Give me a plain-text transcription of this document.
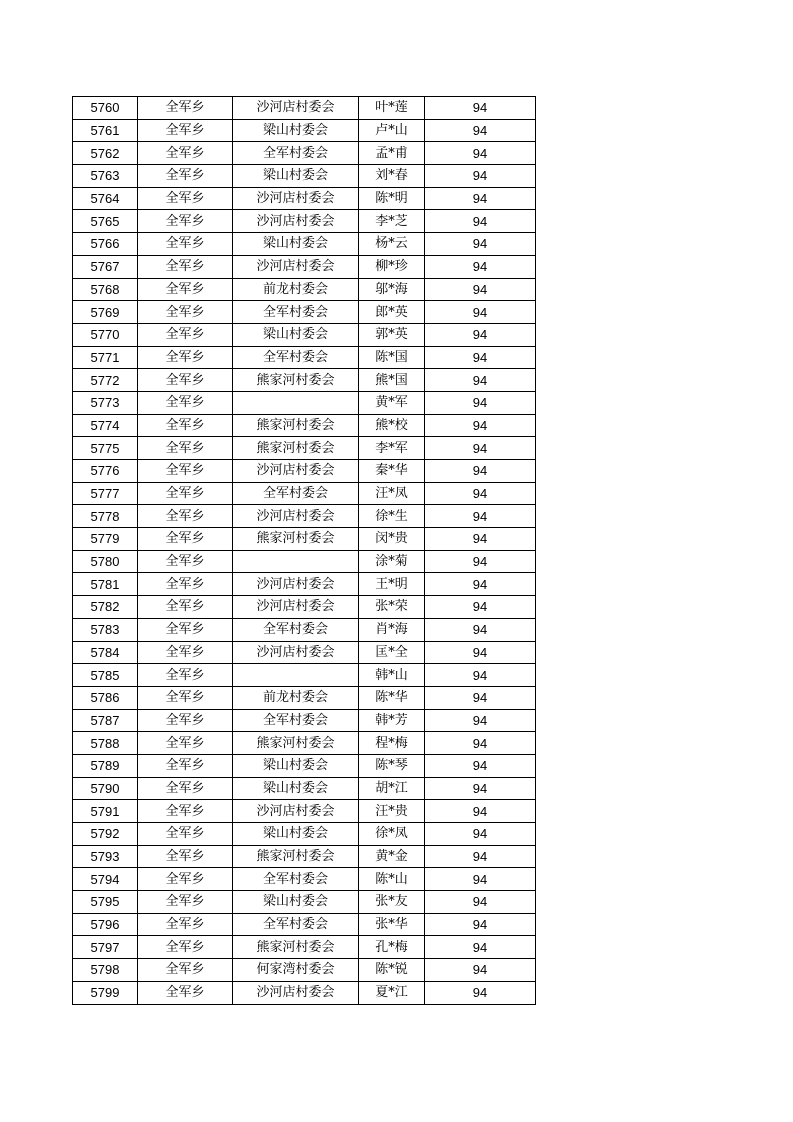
5760	全军乡	沙河店村委会	叶*莲	94
5761	全军乡	梁山村委会	卢*山	94
5762	全军乡	全军村委会	孟*甫	94
5763	全军乡	梁山村委会	刘*春	94
5764	全军乡	沙河店村委会	陈*明	94
5765	全军乡	沙河店村委会	李*芝	94
5766	全军乡	梁山村委会	杨*云	94
5767	全军乡	沙河店村委会	柳*珍	94
5768	全军乡	前龙村委会	邬*海	94
5769	全军乡	全军村委会	郎*英	94
5770	全军乡	梁山村委会	郭*英	94
5771	全军乡	全军村委会	陈*国	94
5772	全军乡	熊家河村委会	熊*国	94
5773	全军乡		黄*军	94
5774	全军乡	熊家河村委会	熊*校	94
5775	全军乡	熊家河村委会	李*军	94
5776	全军乡	沙河店村委会	秦*华	94
5777	全军乡	全军村委会	汪*凤	94
5778	全军乡	沙河店村委会	徐*生	94
5779	全军乡	熊家河村委会	闵*贵	94
5780	全军乡		涂*菊	94
5781	全军乡	沙河店村委会	王*明	94
5782	全军乡	沙河店村委会	张*荣	94
5783	全军乡	全军村委会	肖*海	94
5784	全军乡	沙河店村委会	匡*全	94
5785	全军乡		韩*山	94
5786	全军乡	前龙村委会	陈*华	94
5787	全军乡	全军村委会	韩*芳	94
5788	全军乡	熊家河村委会	程*梅	94
5789	全军乡	梁山村委会	陈*琴	94
5790	全军乡	梁山村委会	胡*江	94
5791	全军乡	沙河店村委会	汪*贵	94
5792	全军乡	梁山村委会	徐*凤	94
5793	全军乡	熊家河村委会	黄*金	94
5794	全军乡	全军村委会	陈*山	94
5795	全军乡	梁山村委会	张*友	94
5796	全军乡	全军村委会	张*华	94
5797	全军乡	熊家河村委会	孔*梅	94
5798	全军乡	何家湾村委会	陈*锐	94
5799	全军乡	沙河店村委会	夏*江	94
